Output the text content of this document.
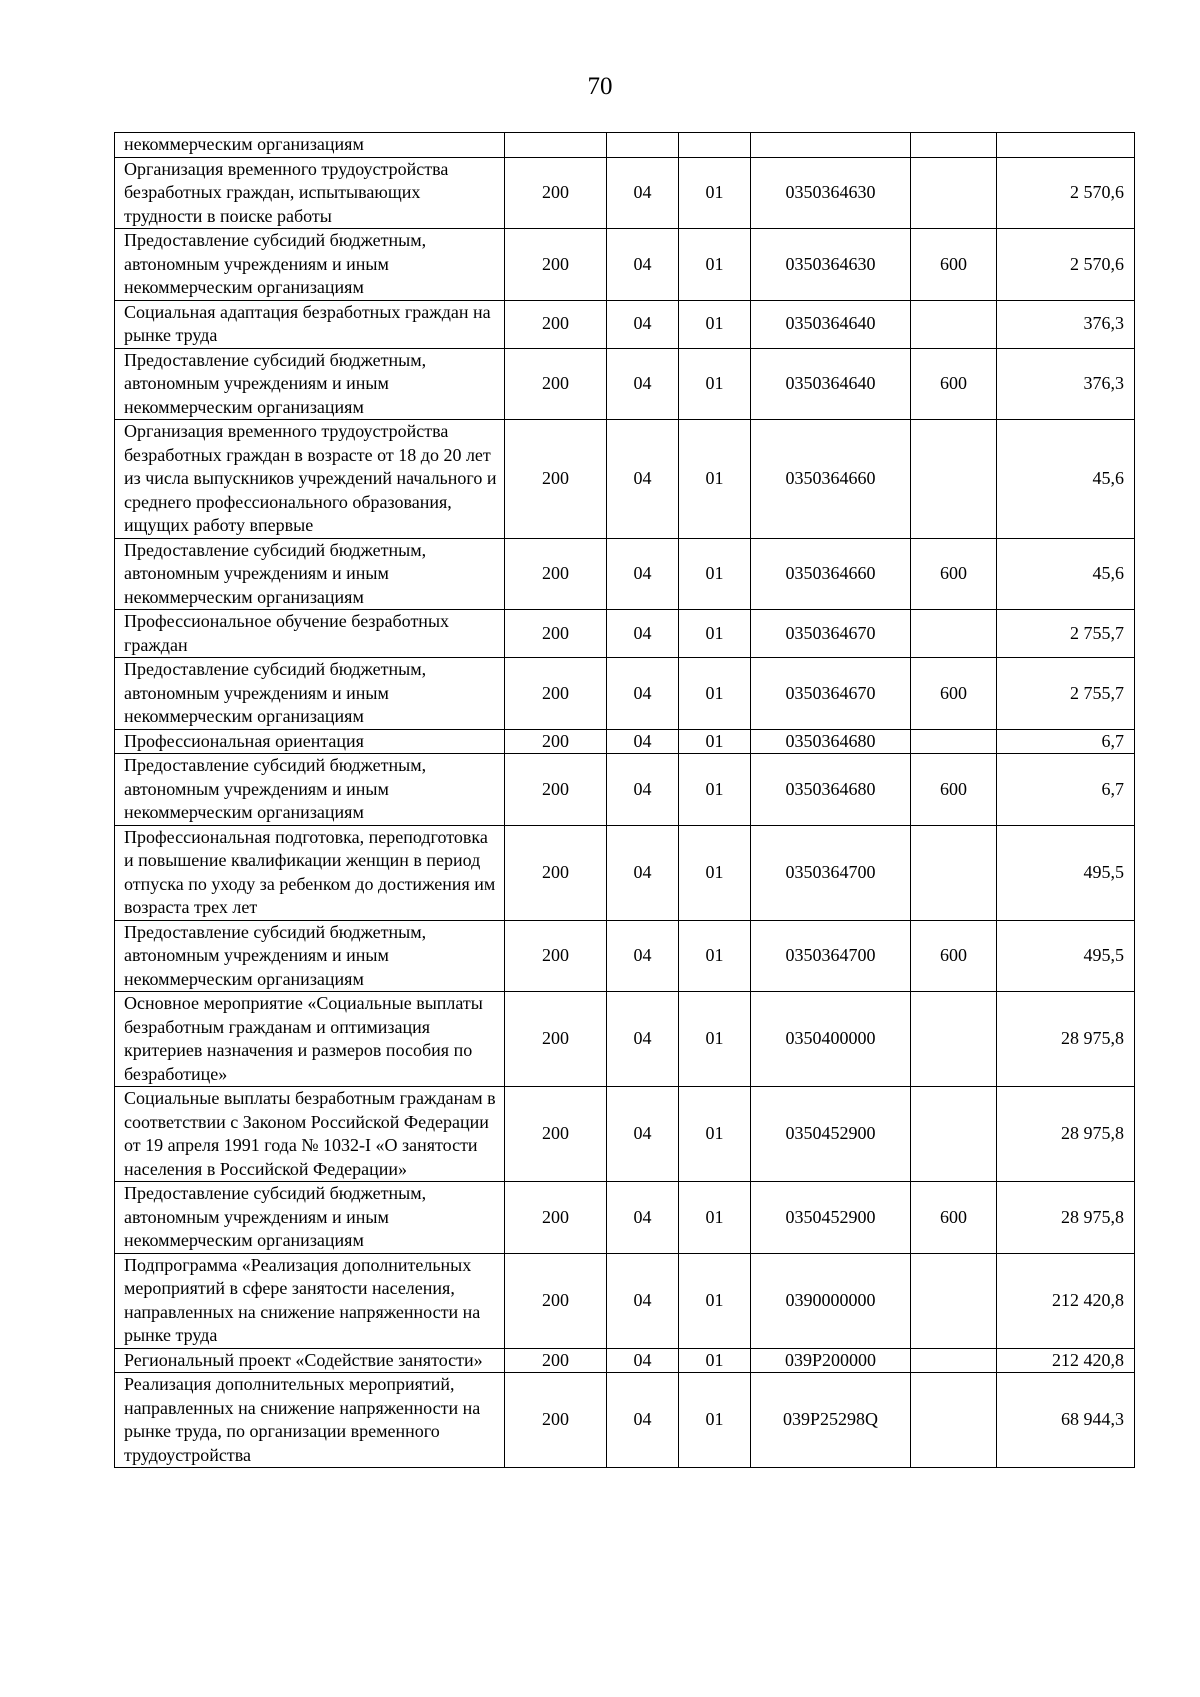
70
некоммерческим организациям						
Организация временного трудоустройства безработных граждан, испытывающих трудности в поиске работы	200	04	01	0350364630		2 570,6
Предоставление субсидий бюджетным, автономным учреждениям и иным некоммерческим организациям	200	04	01	0350364630	600	2 570,6
Социальная адаптация безработных граждан на рынке труда	200	04	01	0350364640		376,3
Предоставление субсидий бюджетным, автономным учреждениям и иным некоммерческим организациям	200	04	01	0350364640	600	376,3
Организация временного трудоустройства безработных граждан в возрасте от 18 до 20 лет из числа выпускников учреждений начального и среднего профессионального образования, ищущих работу впервые	200	04	01	0350364660		45,6
Предоставление субсидий бюджетным, автономным учреждениям и иным некоммерческим организациям	200	04	01	0350364660	600	45,6
Профессиональное обучение безработных граждан	200	04	01	0350364670		2 755,7
Предоставление субсидий бюджетным, автономным учреждениям и иным некоммерческим организациям	200	04	01	0350364670	600	2 755,7
Профессиональная ориентация	200	04	01	0350364680		6,7
Предоставление субсидий бюджетным, автономным учреждениям и иным некоммерческим организациям	200	04	01	0350364680	600	6,7
Профессиональная подготовка, переподготовка и повышение квалификации женщин в период отпуска по уходу за ребенком до достижения им возраста трех лет	200	04	01	0350364700		495,5
Предоставление субсидий бюджетным, автономным учреждениям и иным некоммерческим организациям	200	04	01	0350364700	600	495,5
Основное мероприятие «Социальные выплаты безработным гражданам и оптимизация критериев назначения и размеров пособия по безработице»	200	04	01	0350400000		28 975,8
Социальные выплаты безработным гражданам в соответствии с Законом Российской Федерации от 19 апреля 1991 года № 1032-I «О занятости населения в Российской Федерации»	200	04	01	0350452900		28 975,8
Предоставление субсидий бюджетным, автономным учреждениям и иным некоммерческим организациям	200	04	01	0350452900	600	28 975,8
Подпрограмма «Реализация дополнительных мероприятий в сфере занятости населения, направленных на снижение напряженности на рынке труда	200	04	01	0390000000		212 420,8
Региональный проект «Содействие занятости»	200	04	01	039P200000		212 420,8
Реализация дополнительных мероприятий, направленных на снижение напряженности на рынке труда, по организации временного трудоустройства	200	04	01	039P25298Q		68 944,3
